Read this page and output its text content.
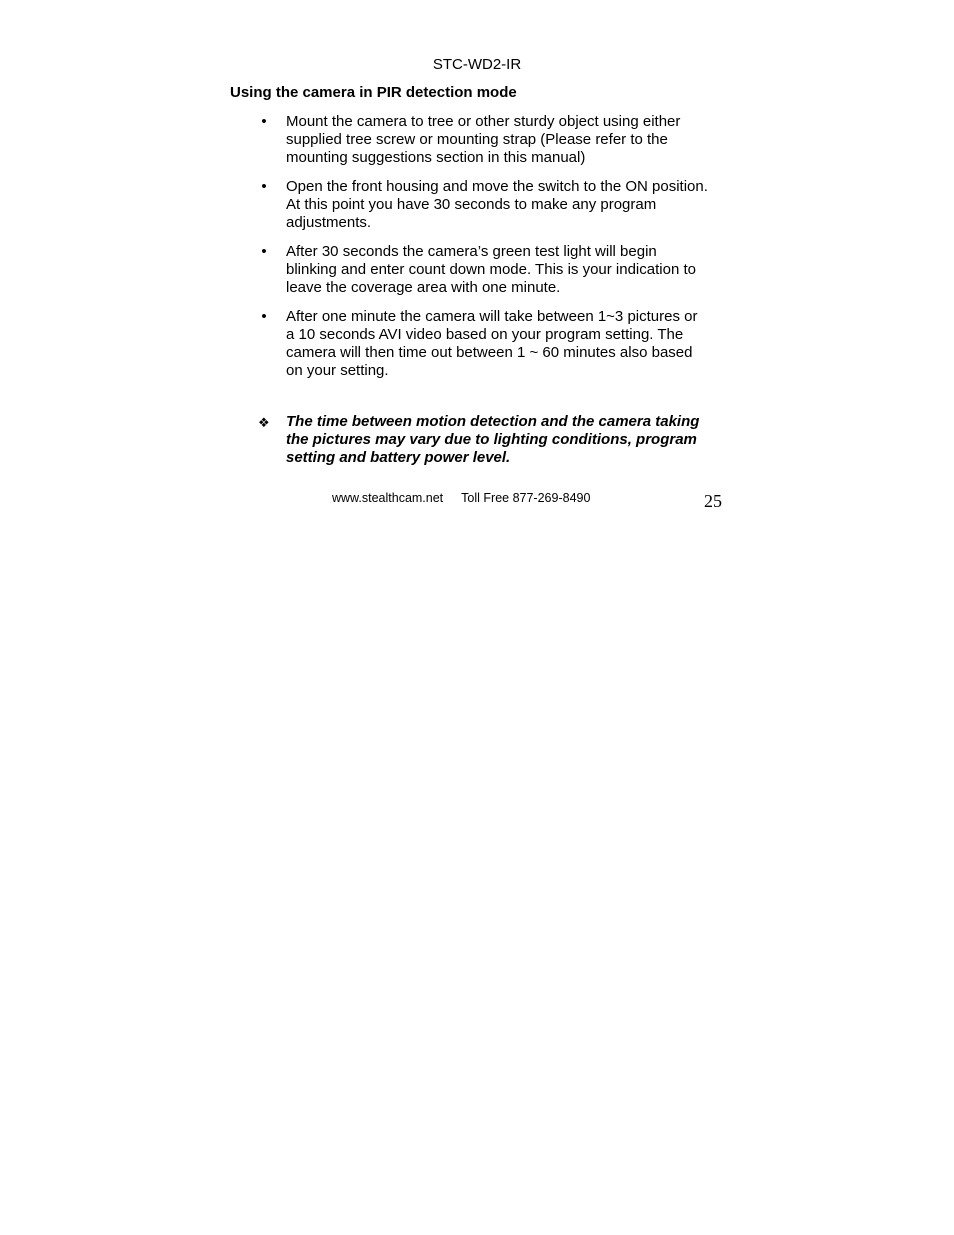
STC-WD2-IR
Using the camera in PIR detection mode
• Mount the camera to tree or other sturdy object using either
supplied tree screw or mounting strap (Please refer to the
mounting suggestions section in this manual)
• Open the front housing and move the switch to the ON position.
At this point you have 30 seconds to make any program
adjustments.
• After 30 seconds the camera’s green test light will begin
blinking and enter count down mode. This is your indication to
leave the coverage area with one minute.
• After one minute the camera will take between 1~3 pictures or
a 10 seconds AVI video based on your program setting. The
camera will then time out between 1 ~ 60 minutes also based
on your setting.
❖ The time between motion detection and the camera taking
the pictures may vary due to lighting conditions, program
setting and battery power level.
www.stealthcam.net Toll Free 877-269-8490	25
